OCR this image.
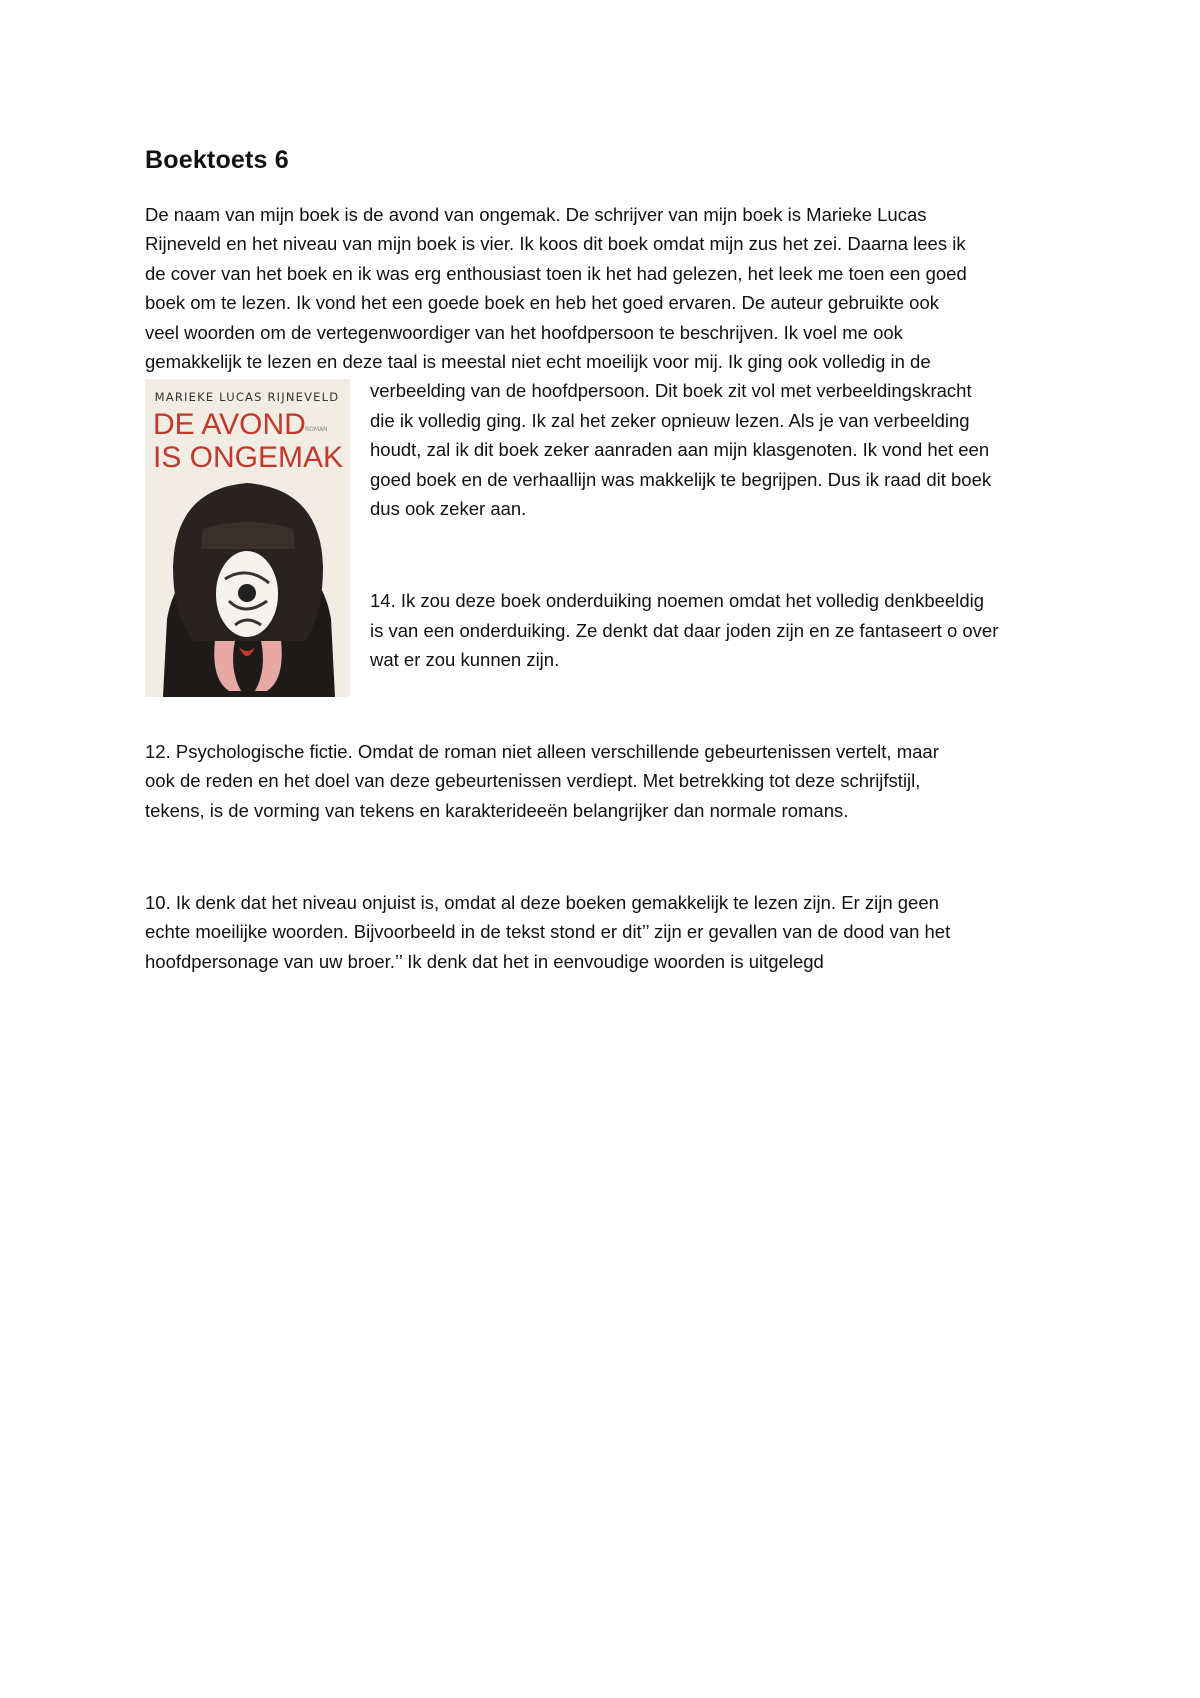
Boektoets 6

De naam van mijn boek is de avond van ongemak. De schrijver van mijn boek is Marieke Lucas

Rijneveld en het niveau van mijn boek is vier. Ik koos dit boek omdat mijn zus het zei. Daarna lees ik

de cover van het boek en ik was erg enthousiast toen ik het had gelezen, het leek me toen een goed

boek om te lezen. Ik vond het een goede boek en heb het goed ervaren. De auteur gebruikte ook

veel woorden om de vertegenwoordiger van het hoofdpersoon te beschrijven. Ik voel me ook

gemakkelijk te lezen en deze taal is meestal niet echt moeilijk voor mij. Ik ging ook volledig in de

MARIEKE LUCAS RIJNEVELD
DE AVOND ROMAN
IS ONGEMAK

verbeelding van de hoofdpersoon. Dit boek zit vol met verbeeldingskracht

die ik volledig ging. Ik zal het zeker opnieuw lezen. Als je van verbeelding

houdt, zal ik dit boek zeker aanraden aan mijn klasgenoten. Ik vond het een

goed boek en de verhaallijn was makkelijk te begrijpen. Dus ik raad dit boek

dus ook zeker aan.

14. Ik zou deze boek onderduiking noemen omdat het volledig denkbeeldig

is van een onderduiking. Ze denkt dat daar joden zijn en ze fantaseert o over

wat er zou kunnen zijn.

12. Psychologische fictie. Omdat de roman niet alleen verschillende gebeurtenissen vertelt, maar

ook de reden en het doel van deze gebeurtenissen verdiept. Met betrekking tot deze schrijfstijl,

tekens, is de vorming van tekens en karakterideeën belangrijker dan normale romans.

10. Ik denk dat het niveau onjuist is, omdat al deze boeken gemakkelijk te lezen zijn. Er zijn geen

echte moeilijke woorden. Bijvoorbeeld in de tekst stond er dit’’ zijn er gevallen van de dood van het

hoofdpersonage van uw broer.’’ Ik denk dat het in eenvoudige woorden is uitgelegd
